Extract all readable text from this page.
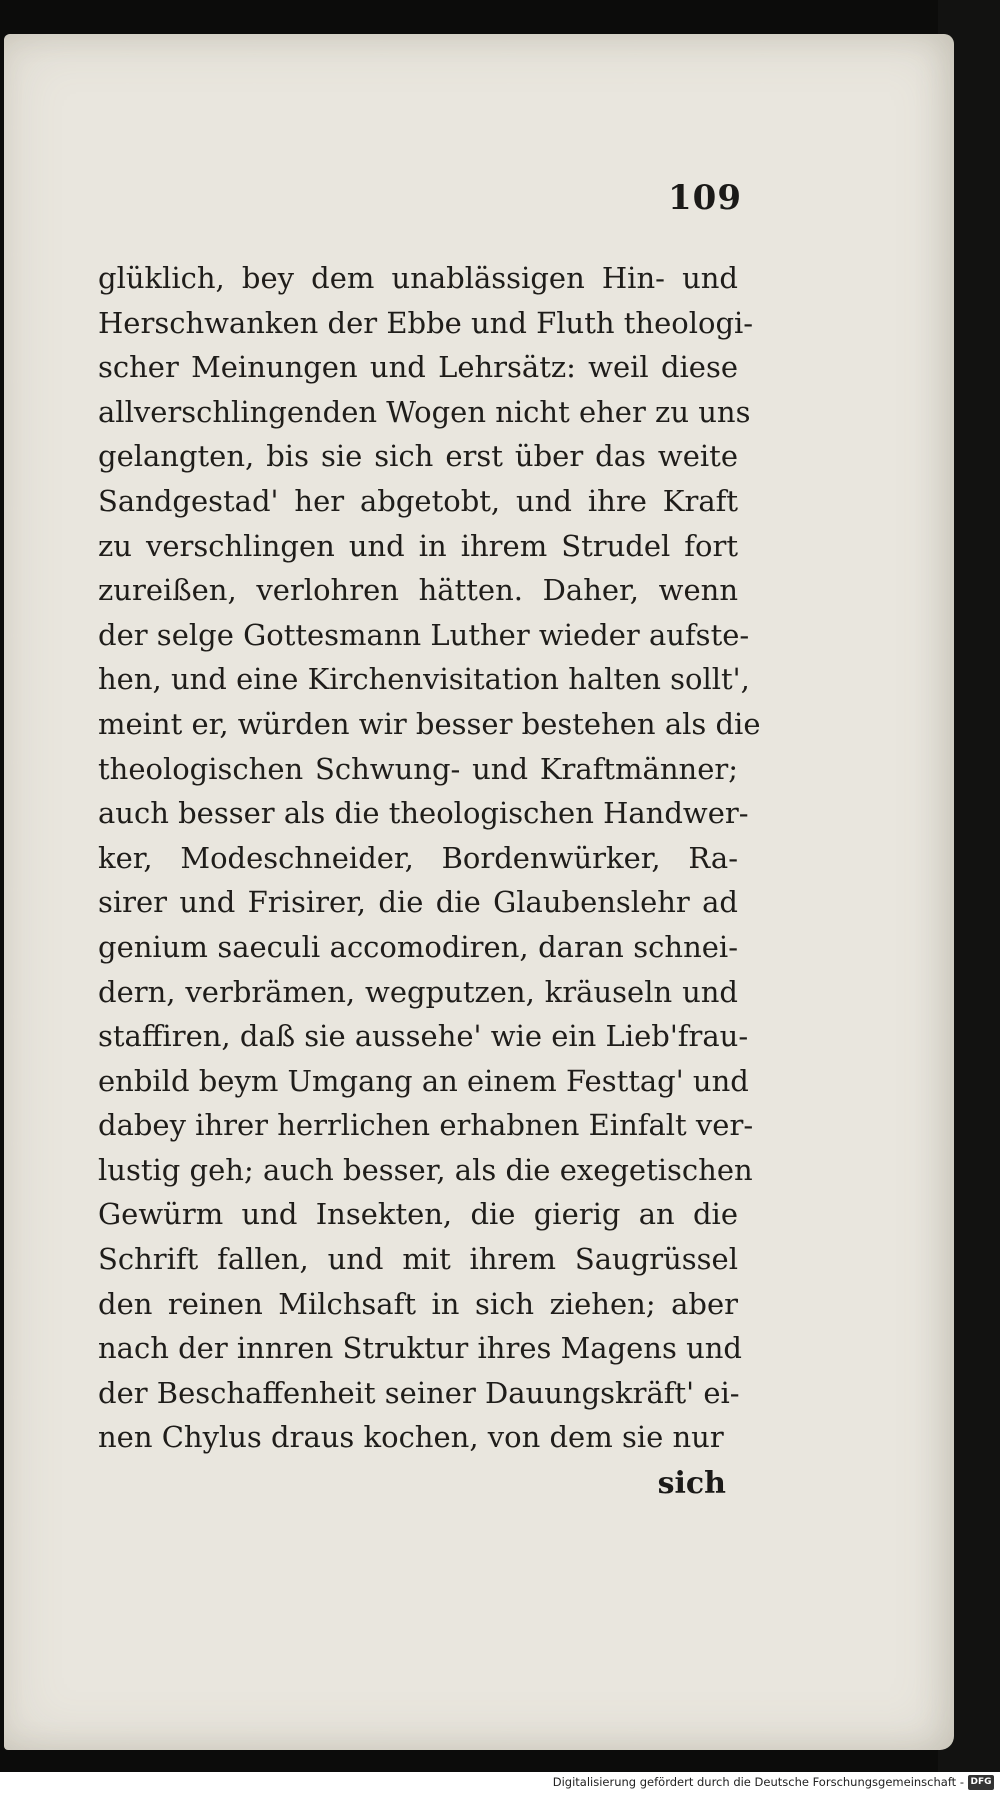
109
glüklich, bey dem unablässigen Hin- und
Herschwanken der Ebbe und Fluth theologi-
scher Meinungen und Lehrsätz: weil diese
allverschlingenden Wogen nicht eher zu uns
gelangten, bis sie sich erst über das weite
Sandgestad' her abgetobt, und ihre Kraft
zu verschlingen und in ihrem Strudel fort
zureißen, verlohren hätten. Daher, wenn
der selge Gottesmann Luther wieder aufste-
hen, und eine Kirchenvisitation halten sollt',
meint er, würden wir besser bestehen als die
theologischen Schwung- und Kraftmänner;
auch besser als die theologischen Handwer-
ker, Modeschneider, Bordenwürker, Ra-
sirer und Frisirer, die die Glaubenslehr ad
genium saeculi accomodiren, daran schnei-
dern, verbrämen, wegputzen, kräuseln und
staffiren, daß sie aussehe' wie ein Lieb'frau-
enbild beym Umgang an einem Festtag' und
dabey ihrer herrlichen erhabnen Einfalt ver-
lustig geh; auch besser, als die exegetischen
Gewürm und Insekten, die gierig an die
Schrift fallen, und mit ihrem Saugrüssel
den reinen Milchsaft in sich ziehen; aber
nach der innren Struktur ihres Magens und
der Beschaffenheit seiner Dauungskräft' ei-
nen Chylus draus kochen, von dem sie nur
sich
Digitalisierung gefördert durch die Deutsche Forschungsgemeinschaft - DFG
